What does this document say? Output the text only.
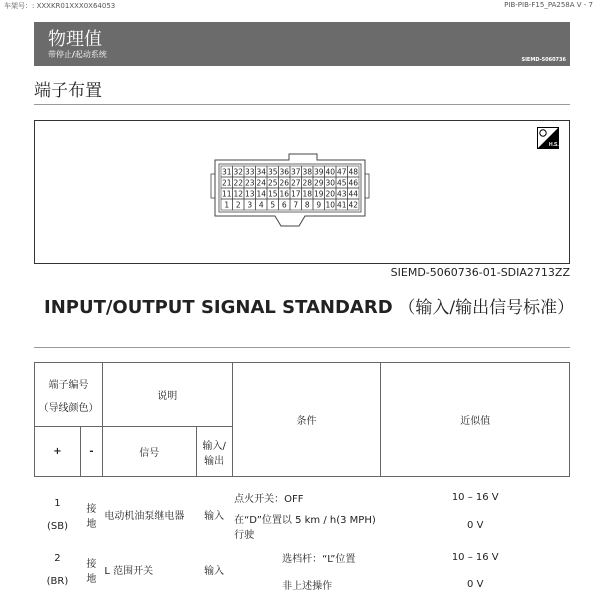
车架号：: XXXKR01XXX0X64053	PIB-PIB-F15_PA258A V - 7
物理值
带停止/起动系统
SIEMD-5060736
端子布置
31 32 33 34 35 36 37 38 39 40 47 48
21 22 23 24 25 26 27 28 29 30 45 46
11 12 13 14 15 16 17 18 19 20 43 44
1 2 3 4 5 6 7 8 9 10 41 42
H.S.
SIEMD-5060736-01-SDIA2713ZZ
INPUT/OUTPUT SIGNAL STANDARD （输入/输出信号标准）
端子编号
（导线颜色）		说明		条件	近似值
+	-	信号	输入/输出		

1
(SB)	接地	电动机油泵继电器	输入	点火开关：OFF	10 – 16 V
				在“D”位置以 5 km / h(3 MPH)行驶	0 V

2
(BR)	接地	L 范围开关	输入	选档杆：“L”位置	10 – 16 V
				非上述操作	0 V
